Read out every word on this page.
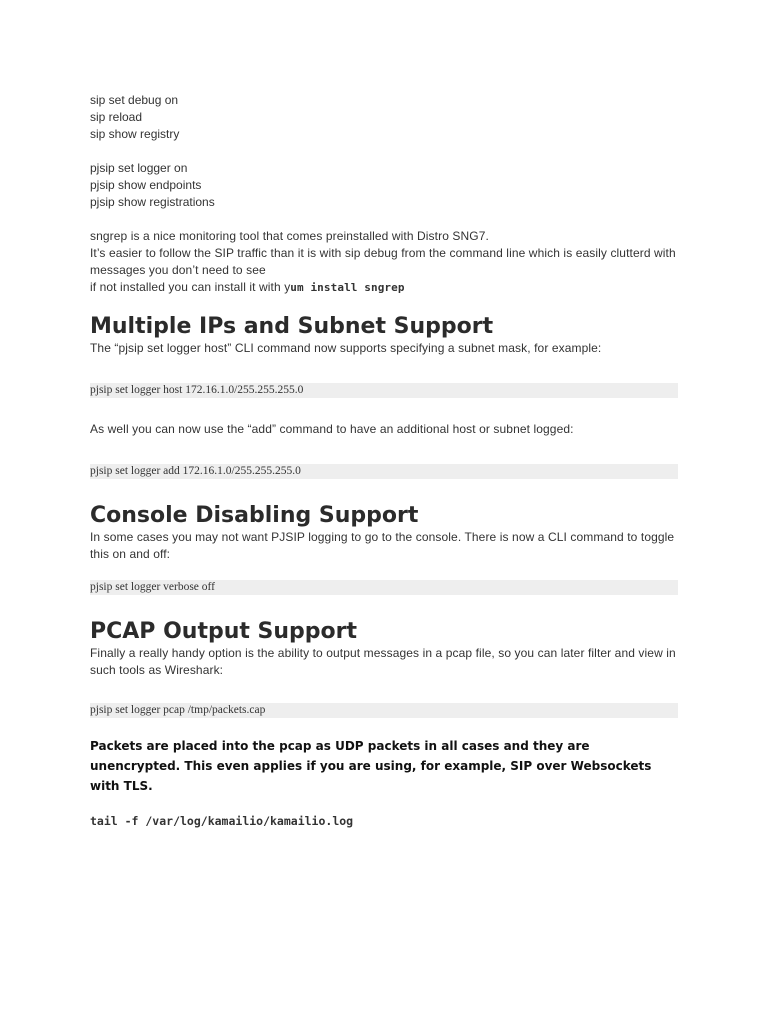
sip set debug on
sip reload
sip show registry
pjsip set logger on
pjsip show endpoints
pjsip show registrations
sngrep is a nice monitoring tool that comes preinstalled with Distro SNG7.
It’s easier to follow the SIP traffic than it is with sip debug from the command line which is easily clutterd with messages you don’t need to see
if not installed you can install it with yum install sngrep
Multiple IPs and Subnet Support
The “pjsip set logger host” CLI command now supports specifying a subnet mask, for example:
pjsip set logger host 172.16.1.0/255.255.255.0
As well you can now use the “add” command to have an additional host or subnet logged:
pjsip set logger add 172.16.1.0/255.255.255.0
Console Disabling Support
In some cases you may not want PJSIP logging to go to the console. There is now a CLI command to toggle this on and off:
pjsip set logger verbose off
PCAP Output Support
Finally a really handy option is the ability to output messages in a pcap file, so you can later filter and view in such tools as Wireshark:
pjsip set logger pcap /tmp/packets.cap
Packets are placed into the pcap as UDP packets in all cases and they are unencrypted. This even applies if you are using, for example, SIP over Websockets with TLS.
tail -f /var/log/kamailio/kamailio.log
